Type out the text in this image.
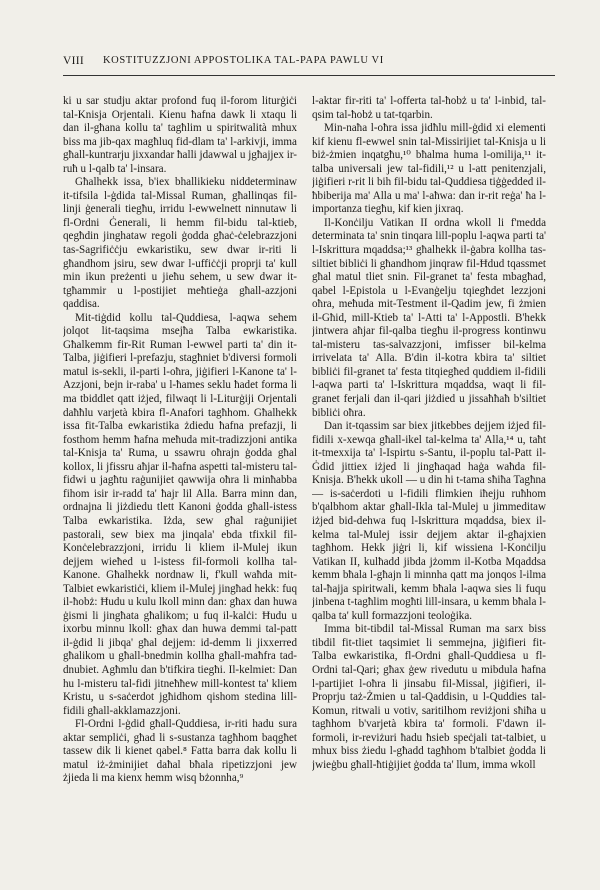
VIII KOSTITUZZJONI APPOSTOLIKA TAL-PAPA PAWLU VI

ki u sar studju aktar profond fuq il-forom liturġiċi tal-Knisja Orjentali. Kienu ħafna dawk li xtaqu li dan il-għana kollu ta' tagħlim u spiritwalità mhux biss ma jib-qax magħluq fid-dlam ta' l-arkivji, imma għall-kuntrarju jixxandar ħalli jdawwal u jgħajjex ir-ruħ u l-qalb ta' l-insara.

Għalhekk issa, b'iex bhallikieku niddeterminaw it-tifsila l-ġdida tal-Missal Ruman, għallinqas fil-linji ġenerali tiegħu, irridu l-ewwelnett ninnutaw li fl-Ordni Ġenerali, li hemm fil-bidu tal-ktieb, qegħdin jinghataw regoli ġodda għaċ-ċelebrazzjoni tas-Sagrifiċċju ewkaristiku, sew dwar ir-riti li għandhom jsiru, sew dwar l-uffiċċji proprji ta' kull min ikun preżenti u jieħu sehem, u sew dwar it-tgħammir u l-postijiet meħtieġa għall-azzjoni qaddisa.

Mit-tiġdid kollu tal-Quddiesa, l-aqwa sehem jolqot lit-taqsima msejħa Talba ewkaristika. Għalkemm fir-Rit Ruman l-ewwel parti ta' din it-Talba, jiġifieri l-prefazju, stagħniet b'diversi formoli matul is-sekli, il-parti l-oħra, jiġifieri l-Kanone ta' l-Azzjoni, bejn ir-raba' u l-ħames seklu ħadet forma li ma tbiddlet qatt iżjed, filwaqt li l-Liturġiji Orjentali daħħlu varjetà kbira fl-Anafori tagħhom. Għalhekk issa fit-Talba ewkaristika żdiedu ħafna prefazji, li fosthom hemm ħafna meħuda mit-tradizzjoni antika tal-Knisja ta' Ruma, u ssawru oħrajn ġodda għal kollox, li jfissru aħjar il-ħafna aspetti tal-misteru tal-fidwi u jagħtu raġunijiet qawwija oħra li minħabba fihom isir ir-radd ta' ħajr lil Alla. Barra minn dan, ordnajna li jiżdiedu tlett Kanoni ġodda għall-istess Talba ewkaristika. Iżda, sew għal raġunijiet pastorali, sew biex ma jinqala' ebda tfixkil fil-Konċelebrazzjoni, irridu li kliem il-Mulej ikun dejjem wieħed u l-istess fil-formoli kollha tal-Kanone. Għalhekk nordnaw li, f'kull waħda mit-Talbiet ewkaristiċi, kliem il-Mulej jingħad hekk: fuq il-ħobż: Ħudu u kulu lkoll minn dan: għax dan huwa ġismi li jingħata għalikom; u fuq il-kalċi: Ħudu u ixorbu minnu lkoll: għax dan huwa demmi tal-patt il-ġdid li jibqa' għal dejjem: id-demm li jixxerred għalikom u għall-bnedmin kollha għall-maħfra tad-dnubiet. Agħmlu dan b'tifkira tiegħi. Il-kelmiet: Dan hu l-misteru tal-fidi jitneħħew mill-kontest ta' kliem Kristu, u s-saċerdot jgħidhom qishom stedina lill-fidili għall-akklamazzjoni.

Fl-Ordni l-ġdid għall-Quddiesa, ir-riti hadu sura aktar sempliċi, għad li s-sustanza tagħhom baqgħet tassew dik li kienet qabel.⁸ Fatta barra dak kollu li matul iż-żminijiet daħal bħala ripetizzjoni jew żjieda li ma kienx hemm wisq bżonnha,⁹

l-aktar fir-riti ta' l-offerta tal-ħobż u ta' l-inbid, tal-qsim tal-ħobż u tat-tqarbin.

Min-naħa l-oħra issa jidħlu mill-ġdid xi elementi kif kienu fl-ewwel snin tal-Missirijiet tal-Knisja u li biż-żmien inqatgħu,¹⁰ bħalma huma l-omilija,¹¹ it-talba universali jew tal-fidili,¹² u l-att penitenzjali, jiġifieri r-rit li bih fil-bidu tal-Quddiesa tiġġedded il-ħbiberija ma' Alla u ma' l-aħwa: dan ir-rit reġa' ħa l-importanza tiegħu, kif kien jixraq.

Il-Konċilju Vatikan II ordna wkoll li f'medda determinata ta' snin tinqara lill-poplu l-aqwa parti ta' l-Iskrittura mqaddsa;¹³ għalhekk il-ġabra kollha tas-siltiet bibliċi li għandhom jinqraw fil-Ħdud tqassmet għal matul tliet snin. Fil-granet ta' festa mbagħad, qabel l-Epistola u l-Evanġelju tqiegħdet lezzjoni oħra, meħuda mit-Testment il-Qadim jew, fi żmien il-Għid, mill-Ktieb ta' l-Atti ta' l-Appostli. B'hekk jintwera aħjar fil-qalba tiegħu il-progress kontinwu tal-misteru tas-salvazzjoni, imfisser bil-kelma irrivelata ta' Alla. B'din il-kotra kbira ta' siltiet bibliċi fil-granet ta' festa titqiegħed quddiem il-fidili l-aqwa parti ta' l-Iskrittura mqaddsa, waqt li fil-granet ferjali dan il-qari jiżdied u jissaħħaħ b'siltiet bibliċi oħra.

Dan it-tqassim sar biex jitkebbes dejjem iżjed fil-fidili x-xewqa għall-ikel tal-kelma ta' Alla,¹⁴ u, taħt it-tmexxija ta' l-Ispirtu s-Santu, il-poplu tal-Patt il-Ġdid jittiex iżjed li jingħaqad haġa waħda fil-Knisja. B'hekk ukoll — u din hi t-tama sħiħa Tagħna — is-saċerdoti u l-fidili flimkien iħejju ruħhom b'qalbhom aktar għall-Ikla tal-Mulej u jimmeditaw iżjed bid-dehwa fuq l-Iskrittura mqaddsa, biex il-kelma tal-Mulej issir dejjem aktar il-għajxien tagħhom. Hekk jiġri li, kif wissiena l-Konċilju Vatikan II, kulħadd jibda jżomm il-Kotba Mqaddsa kemm bħala l-għajn li minnha qatt ma jonqos l-ilma tal-ħajja spiritwali, kemm bħala l-aqwa sies li fuqu jinbena t-tagħlim mogħti lill-insara, u kemm bħala l-qalba ta' kull formazzjoni teoloġika.

Imma bit-tibdil tal-Missal Ruman ma sarx biss tibdil fit-tliet taqsimiet li semmejna, jiġifieri fit-Talba ewkaristika, fl-Ordni għall-Quddiesa u fl-Ordni tal-Qari; għax ġew rivedutu u mibdula ħafna l-partijiet l-oħra li jinsabu fil-Missal, jiġifieri, il-Proprju taż-Żmien u tal-Qaddisin, u l-Quddies tal-Komun, ritwali u votiv, saritilhom reviżjoni sħiħa u tagħhom b'varjetà kbira ta' formoli. F'dawn il-formoli, ir-reviżuri ħadu ħsieb speċjali tat-talbiet, u mhux biss żiedu l-għadd tagħhom b'talbiet ġodda li jwieġbu għall-ħtiġijiet ġodda ta' llum, imma wkoll
